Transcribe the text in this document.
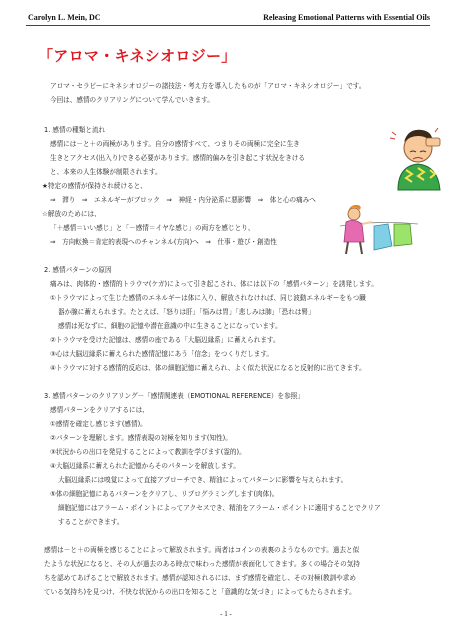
Carolyn L. Mein, DC	Releasing Emotional Patterns with Essential Oils
「アロマ・キネシオロジー」
アロマ・セラピーにキネシオロジーの諸技法・考え方を導入したものが「アロマ・キネシオロジー」です。
今回は、感情のクリアリングについて学んでいきます。
1. 感情の種類と流れ
感情には－と＋の両極があります。自分の感情すべて、つまりその両極に完全に生き
生きとアクセス(出入り)できる必要があります。感情的偏みを引き起こす状況をきける
と、本来の人生体験が制限されます。
★特定の感情が保持され続けると、
⇒　滞り　⇒　エネルギーがブロック　⇒　神経・内分泌系に悪影響　⇒　体と心の痛みへ
☆解放のためには、
「＋感情＝いい感じ」と「－感情＝イヤな感じ」の両方を感じとり、
⇒　方向転換＝肯定的表現へのチャンネル(方向)へ　⇒　仕事・遊び・創造性
2. 感情パターンの原因
痛みは、肉体的・感情的トラウマ(ケガ)によって引き起こされ、体には以下の「感情パターン」を誘発します。
①トラウマによって生じた感情のエネルギーは体に入り、解放されなければ、同じ波動エネルギーをもつ臓
器か腺に蓄えられます。たとえば、「怒りは肝」「悩みは胃」「悲しみは肺」「恐れは腎」
感情は死なずに、細胞の記憶や潜在意識の中に生きることになっています。
②トラウマを受けた記憶は、感情の座である「大脳辺縁系」に蓄えられます。
③心は大脳辺縁系に蓄えられた感情記憶にあう「信念」をつくりだします。
④トラウマに対する感情的反応は、体の細胞記憶に蓄えられ、よく似た状況になると反射的に出てきます。
3. 感情パターンのクリアリング－「感情関連表（EMOTIONAL REFERENCE）を参照」
感情パターンをクリアするには、
①感情を確定し感じます(感情)。
②パターンを理解します。感情表現の対極を知ります(知性)。
③状況からの出口を発見することによって教訓を学びます(霊的)。
④大脳辺縁系に蓄えられた記憶からそのパターンを解放します。
大脳辺縁系には嗅覚によって直接アプローチでき、精油によってパターンに影響を与えられます。
⑤体の細胞記憶にあるパターンをクリアし、リプログラミングします(肉体)。
細胞記憶にはアラーム・ポイントによってアクセスでき、精油をアラーム・ポイントに適用することでクリア
することができます。
感情は－と＋の両極を感じることによって解放されます。両者はコインの表裏のようなものです。過去と似
たような状況になると、その人が過去のある時点で味わった感情が表面化してきます。多くの場合その気持
ちを認めてあげることで解放されます。感情が認知されるには、まず感情を確定し、その対極(教訓や求め
ている気持ち)を見つけ、不快な状況からの出口を知ること「意識的な気づき」によってもたらされます。
- 1 -
